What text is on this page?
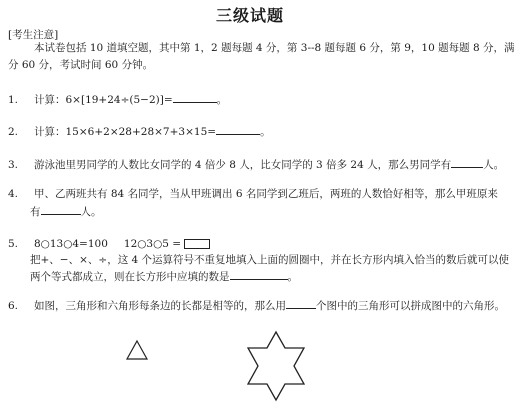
三级试题
[考生注意]
本试卷包括 10 道填空题，其中第 1，2 题每题 4 分，第 3--8 题每题 6 分，第 9，10 题每题 8 分，满
分 60 分，考试时间 60 分钟。
1. 计算：6×[19+24÷(5−2)]=	。
2. 计算：15×6+2×28+28×7+3×15=	。
3. 游泳池里男同学的人数比女同学的 4 倍少 8 人，比女同学的 3 倍多 24 人，那么男同学有	人。
4. 甲、乙两班共有 84 名同学，当从甲班调出 6 名同学到乙班后，两班的人数恰好相等，那么甲班原来
有	人。
5. 8○13○4=100 12○3○5 =
把+、−、×、÷，这 4 个运算符号不重复地填入上面的圆圈中，并在长方形内填入恰当的数后就可以使
两个等式都成立，则在长方形中应填的数是	。
6. 如图，三角形和六角形每条边的长都是相等的，那么用	个图中的三角形可以拼成图中的六角形。
